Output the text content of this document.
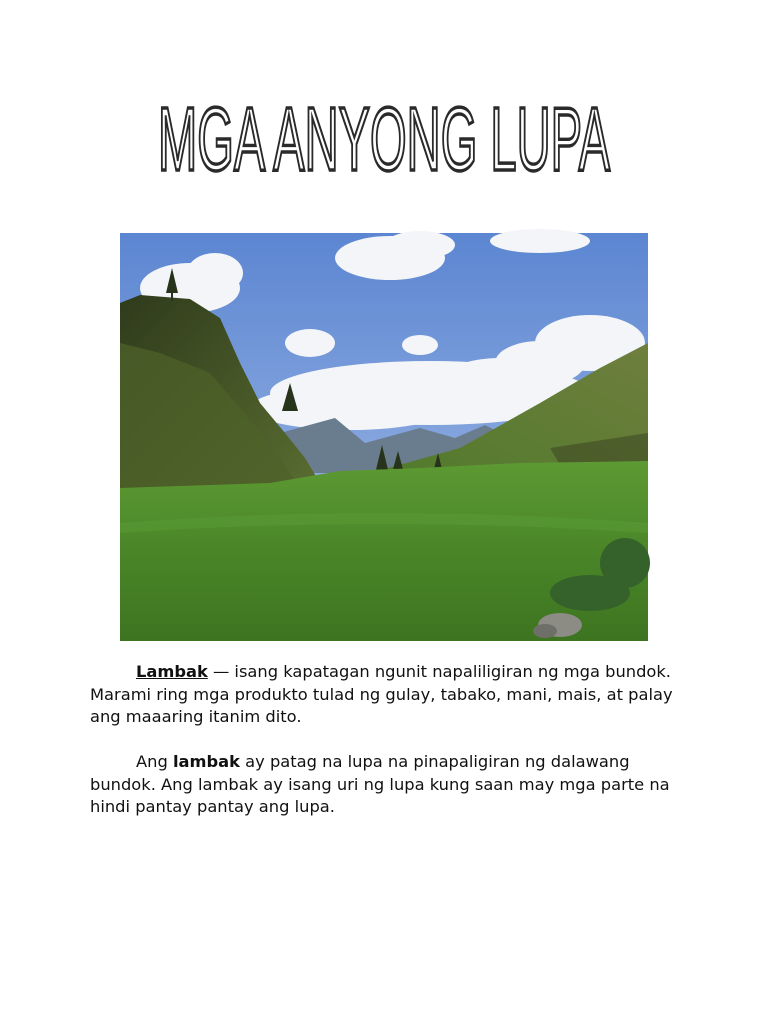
MGA ANYONG LUPA

Lambak — isang kapatagan ngunit napaliligiran ng mga bundok. Marami ring mga produkto tulad ng gulay, tabako, mani, mais, at palay ang maaaring itanim dito.

Ang lambak ay patag na lupa na pinapaligiran ng dalawang bundok. Ang lambak ay isang uri ng lupa kung saan may mga parte na hindi pantay pantay ang lupa.
